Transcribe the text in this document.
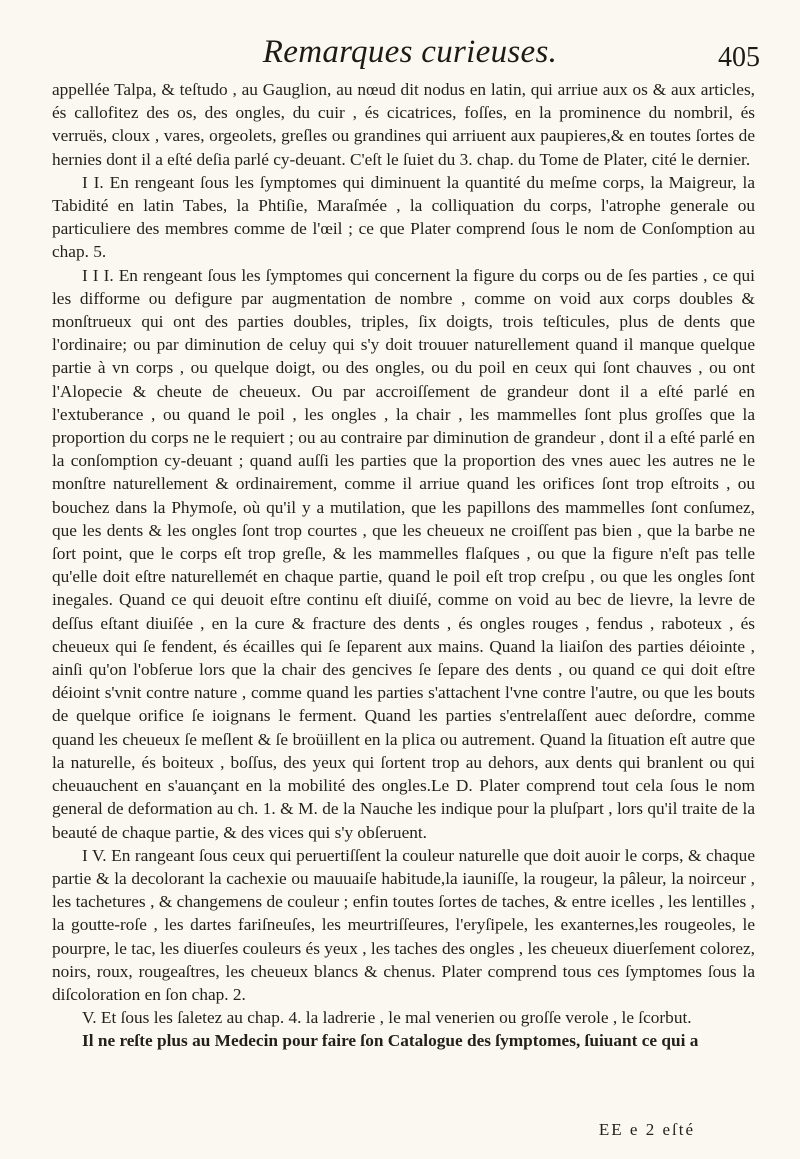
Remarques curieuses.	405

appellée Talpa, & teſtudo , au Gauglion, au nœud dit nodus en latin, qui arriue aux os & aux articles, és callofitez des os, des ongles, du cuir , és cicatrices, foſſes, en la prominence du nombril, és verruës, cloux , vares, orgeolets, greſles ou grandines qui arriuent aux paupieres,& en toutes ſortes de hernies dont il a eſté deſia parlé cy-deuant. C'eſt le ſuiet du 3. chap. du Tome de Plater, cité le dernier.

I I. En rengeant ſous les ſymptomes qui diminuent la quantité du meſme corps, la Maigreur, la Tabidité en latin Tabes, la Phtiſie, Maraſmée , la colliquation du corps, l'atrophe generale ou particuliere des membres comme de l'œil ; ce que Plater comprend ſous le nom de Conſomption au chap. 5.

I I I. En rengeant ſous les ſymptomes qui concernent la figure du corps ou de ſes parties , ce qui les difforme ou defigure par augmentation de nombre , comme on void aux corps doubles & monſtrueux qui ont des parties doubles, triples, ſix doigts, trois teſticules, plus de dents que l'ordinaire; ou par diminution de celuy qui s'y doit trouuer naturellement quand il manque quelque partie à vn corps , ou quelque doigt, ou des ongles, ou du poil en ceux qui ſont chauves , ou ont l'Alopecie & cheute de cheueux. Ou par accroiſſement de grandeur dont il a eſté parlé en l'extuberance , ou quand le poil , les ongles , la chair , les mammelles ſont plus groſſes que la proportion du corps ne le requiert ; ou au contraire par diminution de grandeur , dont il a eſté parlé en la conſomption cy-deuant ; quand auſſi les parties que la proportion des vnes auec les autres ne le monſtre naturellement & ordinairement, comme il arriue quand les orifices ſont trop eſtroits , ou bouchez dans la Phymoſe, où qu'il y a mutilation, que les papillons des mammelles ſont conſumez, que les dents & les ongles ſont trop courtes , que les cheueux ne croiſſent pas bien , que la barbe ne ſort point, que le corps eſt trop greſle, & les mammelles flaſques , ou que la figure n'eſt pas telle qu'elle doit eſtre naturellemét en chaque partie, quand le poil eſt trop creſpu , ou que les ongles ſont inegales. Quand ce qui deuoit eſtre continu eſt diuiſé, comme on void au bec de lievre, la levre de deſſus eſtant diuiſée , en la cure & fracture des dents , és ongles rouges , fendus , raboteux , és cheueux qui ſe fendent, és écailles qui ſe ſeparent aux mains. Quand la liaiſon des parties déiointe , ainſi qu'on l'obſerue lors que la chair des gencives ſe ſepare des dents , ou quand ce qui doit eſtre déioint s'vnit contre nature , comme quand les parties s'attachent l'vne contre l'autre, ou que les bouts de quelque orifice ſe ioignans le ferment. Quand les parties s'entrelaſſent auec deſordre, comme quand les cheueux ſe meſlent & ſe broüillent en la plica ou autrement. Quand la ſituation eſt autre que la naturelle, és boiteux , boſſus, des yeux qui ſortent trop au dehors, aux dents qui branlent ou qui cheuauchent en s'auançant en la mobilité des ongles.Le D. Plater comprend tout cela ſous le nom general de deformation au ch. 1. & M. de la Nauche les indique pour la pluſpart , lors qu'il traite de la beauté de chaque partie, & des vices qui s'y obſeruent.

I V. En rangeant ſous ceux qui peruertiſſent la couleur naturelle que doit auoir le corps, & chaque partie & la decolorant la cachexie ou mauuaiſe habitude,la iauniſſe, la rougeur, la pâleur, la noirceur , les tachetures , & changemens de couleur ; enfin toutes ſortes de taches, & entre icelles , les lentilles , la goutte-roſe , les dartes fariſneuſes, les meurtriſſeures, l'eryſipele, les exanternes,les rougeoles, le pourpre, le tac, les diuerſes couleurs és yeux , les taches des ongles , les cheueux diuerſement colorez, noirs, roux, rougeaſtres, les cheueux blancs & chenus. Plater comprend tous ces ſymptomes ſous la diſcoloration en ſon chap. 2.

V. Et ſous les ſaletez au chap. 4. la ladrerie , le mal venerien ou groſſe verole , le ſcorbut.

Il ne reſte plus au Medecin pour faire ſon Catalogue des ſymptomes, ſuiuant ce qui a

EE e 2 eſté
